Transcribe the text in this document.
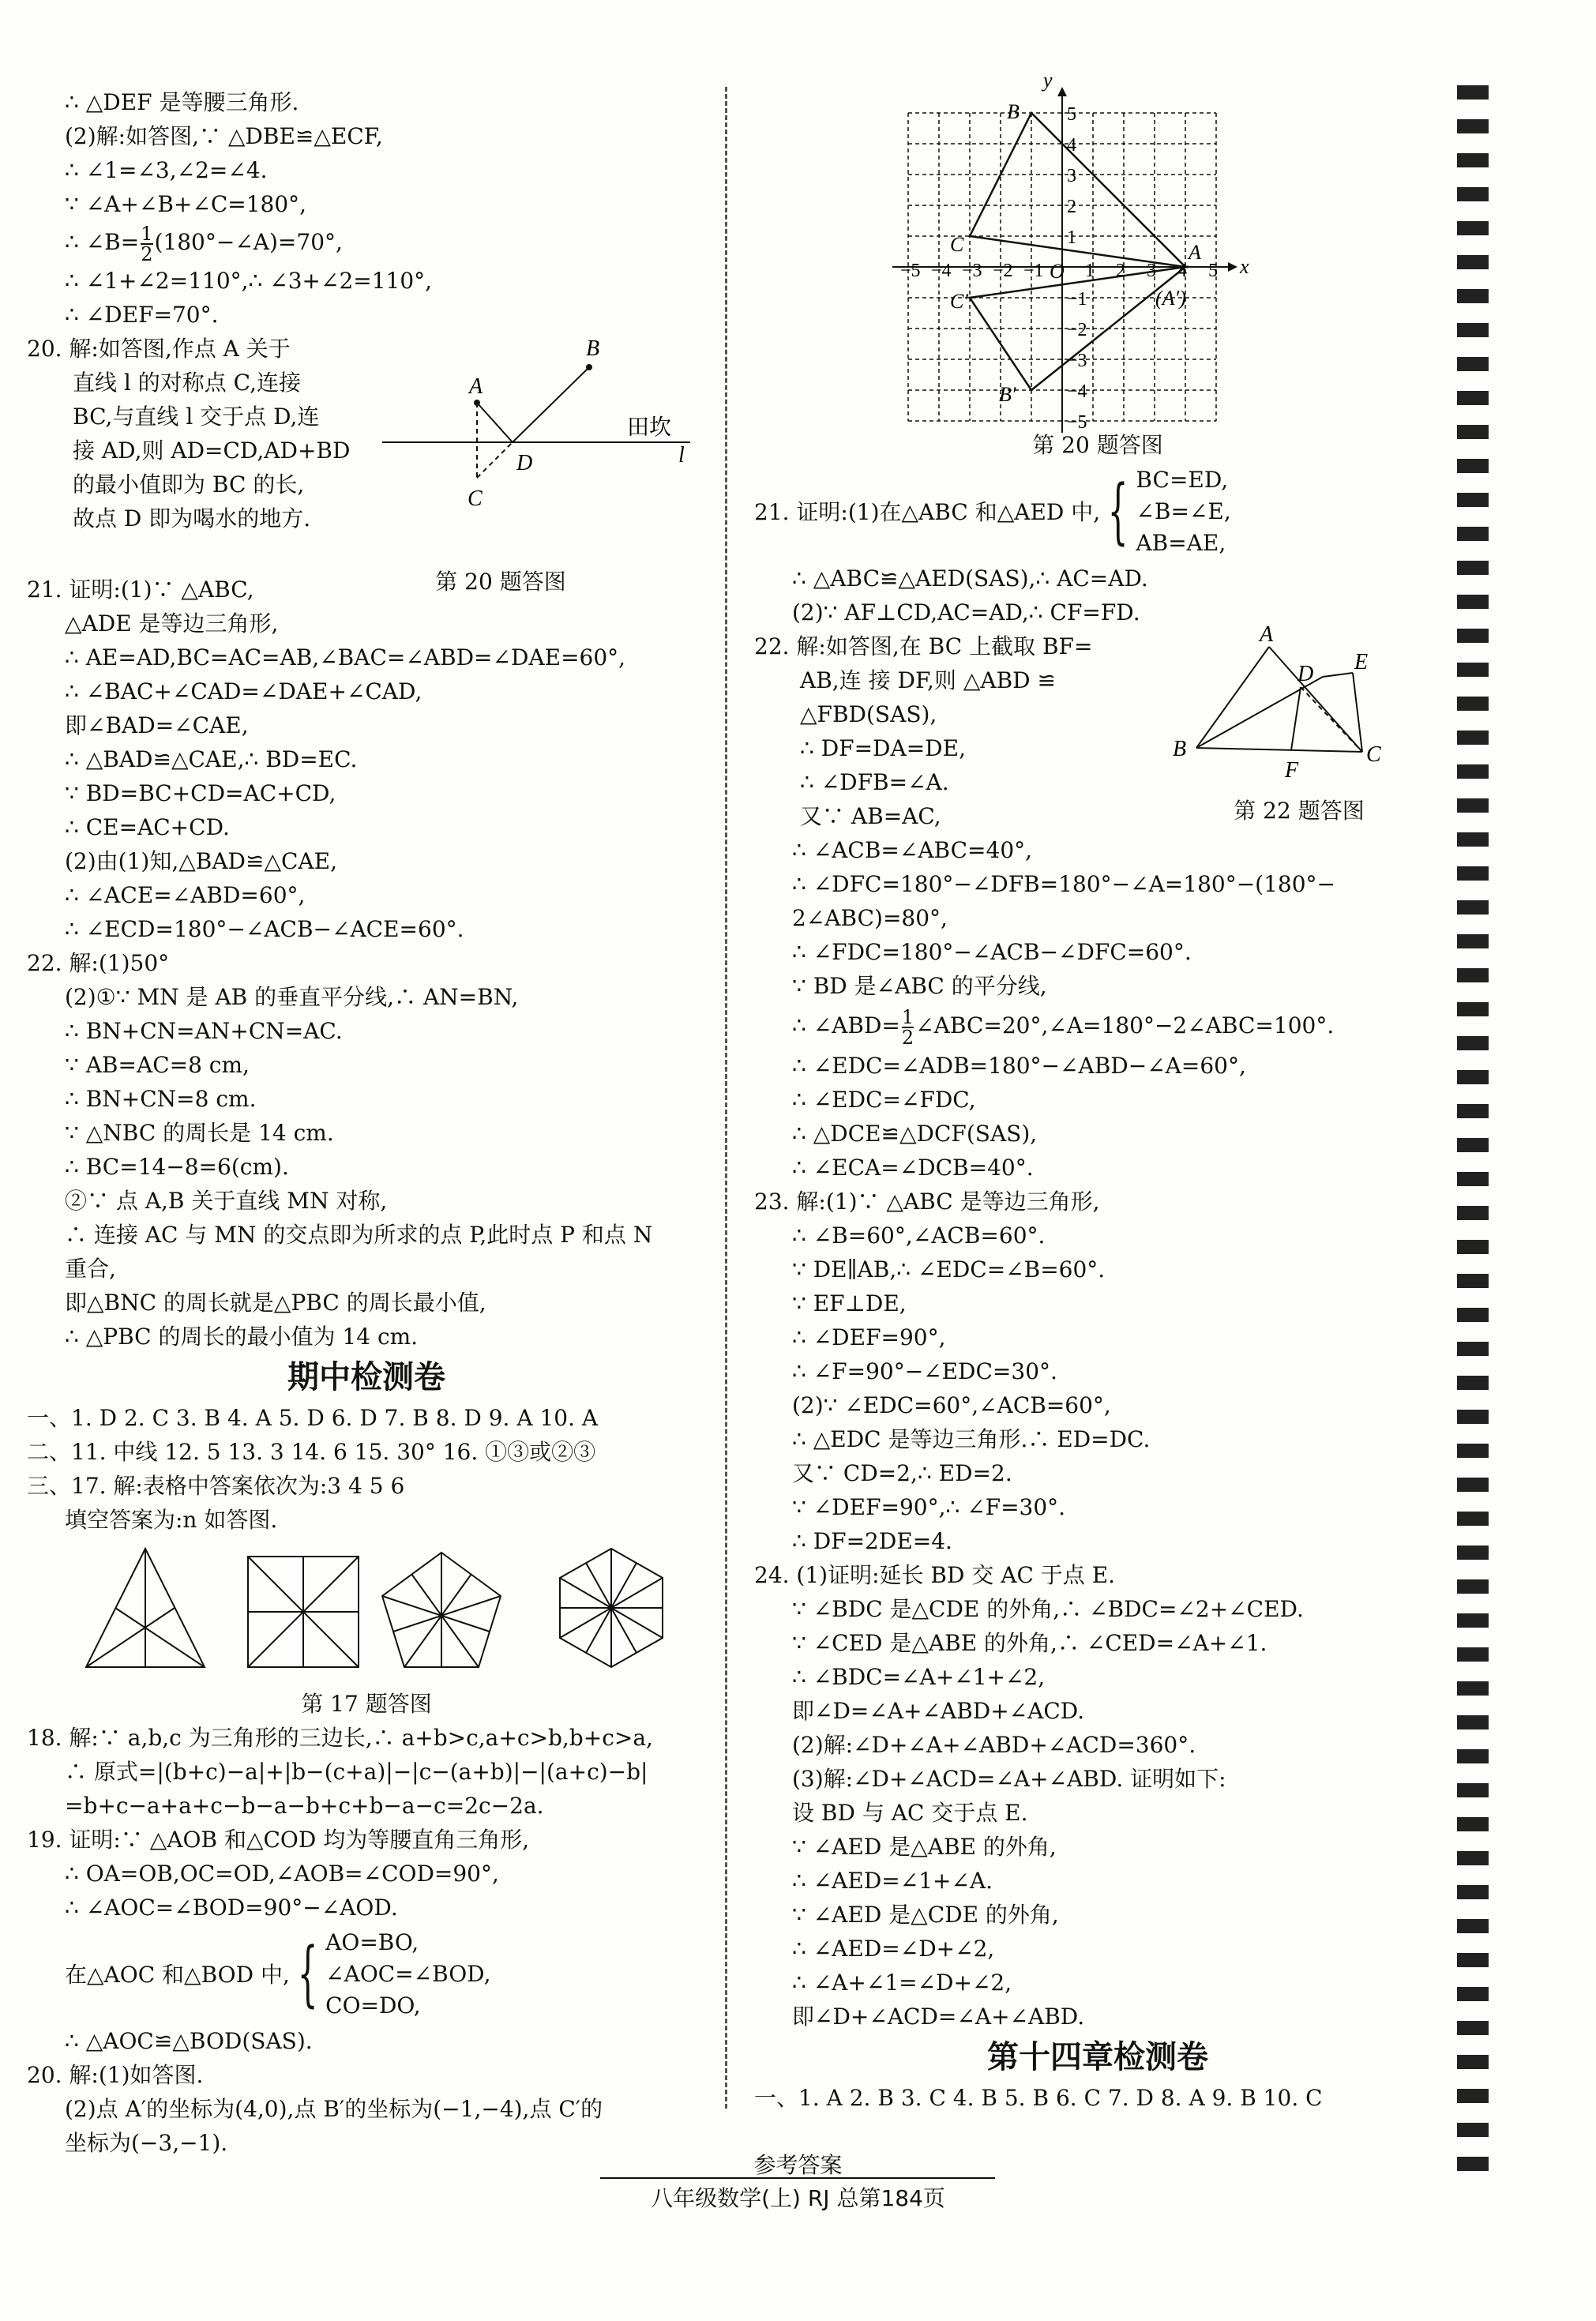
∴ △DEF 是等腰三角形.
(2)解:如答图,∵ △DBE≌△ECF,
∴ ∠1=∠3,∠2=∠4.
∵ ∠A+∠B+∠C=180°,
∴ ∠B= $\frac{1}{2}$ (180°−∠A)=70°,
∴ ∠1+∠2=110°,∴ ∠3+∠2=110°,
∴ ∠DEF=70°.
20. 解:如答图,作点 A 关于
直线 l 的对称点 C,连接
BC,与直线 l 交于点 D,连
接 AD,则 AD=CD,AD+BD
的最小值即为 BC 的长,
故点 D 即为喝水的地方.
A
B
C
D	l
田坎
21. 证明:(1)∵ △ABC,
△ADE 是等边三角形,
第 20 题答图
∴ AE=AD,BC=AC=AB,∠BAC=∠ABD=∠DAE=60°,
∴ ∠BAC+∠CAD=∠DAE+∠CAD,
即∠BAD=∠CAE,
∴ △BAD≌△CAE,∴ BD=EC.
∵ BD=BC+CD=AC+CD,
∴ CE=AC+CD.
(2)由(1)知,△BAD≌△CAE,
∴ ∠ACE=∠ABD=60°,
∴ ∠ECD=180°−∠ACB−∠ACE=60°.
22. 解:(1)50°
(2)①∵ MN 是 AB 的垂直平分线,∴ AN=BN,
∴ BN+CN=AN+CN=AC.
∵ AB=AC=8 cm,
∴ BN+CN=8 cm.
∵ △NBC 的周长是 14 cm.
∴ BC=14−8=6(cm).
②∵ 点 A,B 关于直线 MN 对称,
∴ 连接 AC 与 MN 的交点即为所求的点 P,此时点 P 和点 N
重合,
即△BNC 的周长就是△PBC 的周长最小值,
∴ △PBC 的周长的最小值为 14 cm.
期中检测卷
一、1. D 2. C 3. B 4. A 5. D 6. D 7. B 8. D 9. A 10. A
二、11. 中线 12. 5 13. 3 14. 6 15. 30° 16. ①③或②③
三、17. 解:表格中答案依次为:3 4 5 6
填空答案为:n 如答图.
第 17 题答图
18. 解:∵ a,b,c 为三角形的三边长,∴ a+b>c,a+c>b,b+c>a,
∴ 原式=|(b+c)−a|+|b−(c+a)|−|c−(a+b)|−|(a+c)−b|
=b+c−a+a+c−b−a−b+c+b−a−c=2c−2a.
19. 证明:∵ △AOB 和△COD 均为等腰直角三角形,
∴ OA=OB,OC=OD,∠AOB=∠COD=90°,
∴ ∠AOC=∠BOD=90°−∠AOD.
在△AOC 和△BOD 中, { AO=BO,
∠AOC=∠BOD,
CO=DO,
∴ △AOC≌△BOD(SAS).
20. 解:(1)如答图.
(2)点 A′的坐标为(4,0),点 B′的坐标为(−1,−4),点 C′的
坐标为(−3,−1).
x
y
O
B
A
C
(A′)
B′
C′
−5 −4 −3 −2 −1 1 2 3 4 5
5
4
3
2
1
−1
−2
−3
−4
−5
第 20 题答图
21. 证明:(1)在△ABC 和△AED 中, { BC=ED,
∠B=∠E,
AB=AE,
∴ △ABC≌△AED(SAS),∴ AC=AD.
(2)∵ AF⊥CD,AC=AD,∴ CF=FD.
22. 解:如答图,在 BC 上截取 BF=
AB,连 接 DF,则 △ABD ≌
△FBD(SAS),
∴ DF=DA=DE,
∴ ∠DFB=∠A.
又∵ AB=AC,
A
B	C
D E
F
第 22 题答图
∴ ∠ACB=∠ABC=40°,
∴ ∠DFC=180°−∠DFB=180°−∠A=180°−(180°−
2∠ABC)=80°,
∴ ∠FDC=180°−∠ACB−∠DFC=60°.
∵ BD 是∠ABC 的平分线,
∴ ∠ABD= $\frac{1}{2}$ ∠ABC=20°,∠A=180°−2∠ABC=100°.
∴ ∠EDC=∠ADB=180°−∠ABD−∠A=60°,
∴ ∠EDC=∠FDC,
∴ △DCE≌△DCF(SAS),
∴ ∠ECA=∠DCB=40°.
23. 解:(1)∵ △ABC 是等边三角形,
∴ ∠B=60°,∠ACB=60°.
∵ DE∥AB,∴ ∠EDC=∠B=60°.
∵ EF⊥DE,
∴ ∠DEF=90°,
∴ ∠F=90°−∠EDC=30°.
(2)∵ ∠EDC=60°,∠ACB=60°,
∴ △EDC 是等边三角形.∴ ED=DC.
又∵ CD=2,∴ ED=2.
∵ ∠DEF=90°,∴ ∠F=30°.
∴ DF=2DE=4.
24. (1)证明:延长 BD 交 AC 于点 E.
∵ ∠BDC 是△CDE 的外角,∴ ∠BDC=∠2+∠CED.
∵ ∠CED 是△ABE 的外角,∴ ∠CED=∠A+∠1.
∴ ∠BDC=∠A+∠1+∠2,
即∠D=∠A+∠ABD+∠ACD.
(2)解:∠D+∠A+∠ABD+∠ACD=360°.
(3)解:∠D+∠ACD=∠A+∠ABD. 证明如下:
设 BD 与 AC 交于点 E.
∵ ∠AED 是△ABE 的外角,
∴ ∠AED=∠1+∠A.
∵ ∠AED 是△CDE 的外角,
∴ ∠AED=∠D+∠2,
∴ ∠A+∠1=∠D+∠2,
即∠D+∠ACD=∠A+∠ABD.
第十四章检测卷
一、1. A 2. B 3. C 4. B 5. B 6. C 7. D 8. A 9. B 10. C
参考答案
八年级数学(上) RJ 总第184页
